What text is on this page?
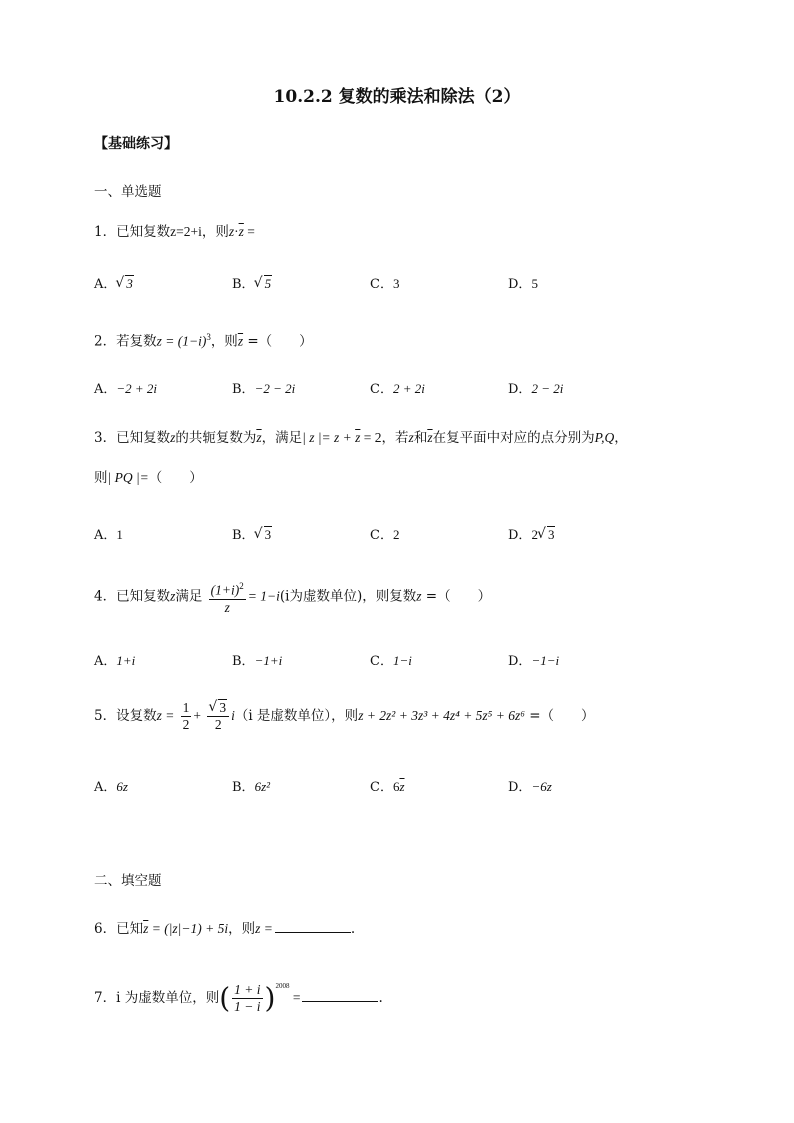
10.2.2 复数的乘法和除法（2）
【基础练习】
一、单选题
1．已知复数z=2+i，则$z\cdot\overline{z}$ =
A． √ 3	B． √ 5	C．3	D．5
2．若复数$z = (1-i)^3$，则$\overline{z}$ =（　　）
A．−2 + 2i	B．−2 − 2i	C．2 + 2i	D．2 − 2i
3．已知复数z的共轭复数为$\overline{z}$，满足| z |= $z + \overline{z} = 2$，若z和$\overline{z}$在复平面中对应的点分别为P,Q，
则| PQ |=（　　）
A．1	B． √ 3	C．2	D．2 √ 3
4．已知复数z满足 $\frac{(1+i)^2}{z} = 1-i(i$为虚数单位)，则复数z =（　　）
A．1+i	B．−1+i	C．1−i	D．−1−i
5．设复数$z = \frac{1}{2}$ + √ $\frac{3}{2} i(i$ 是虚数单位），则z + 2z² + 3z³ + 4z⁴ + 5z⁵ + 6z⁶ =（　　）
A．6z	B．6z²	C．$6\overline{z}$	D．−6z
二、填空题
6．已知$\overline{z} = (|z|-1) + 5i$，则z =	.
7．i 为虚数单位，则( $\frac{1 + i}{1 - i} )^{2008}$ =	.
